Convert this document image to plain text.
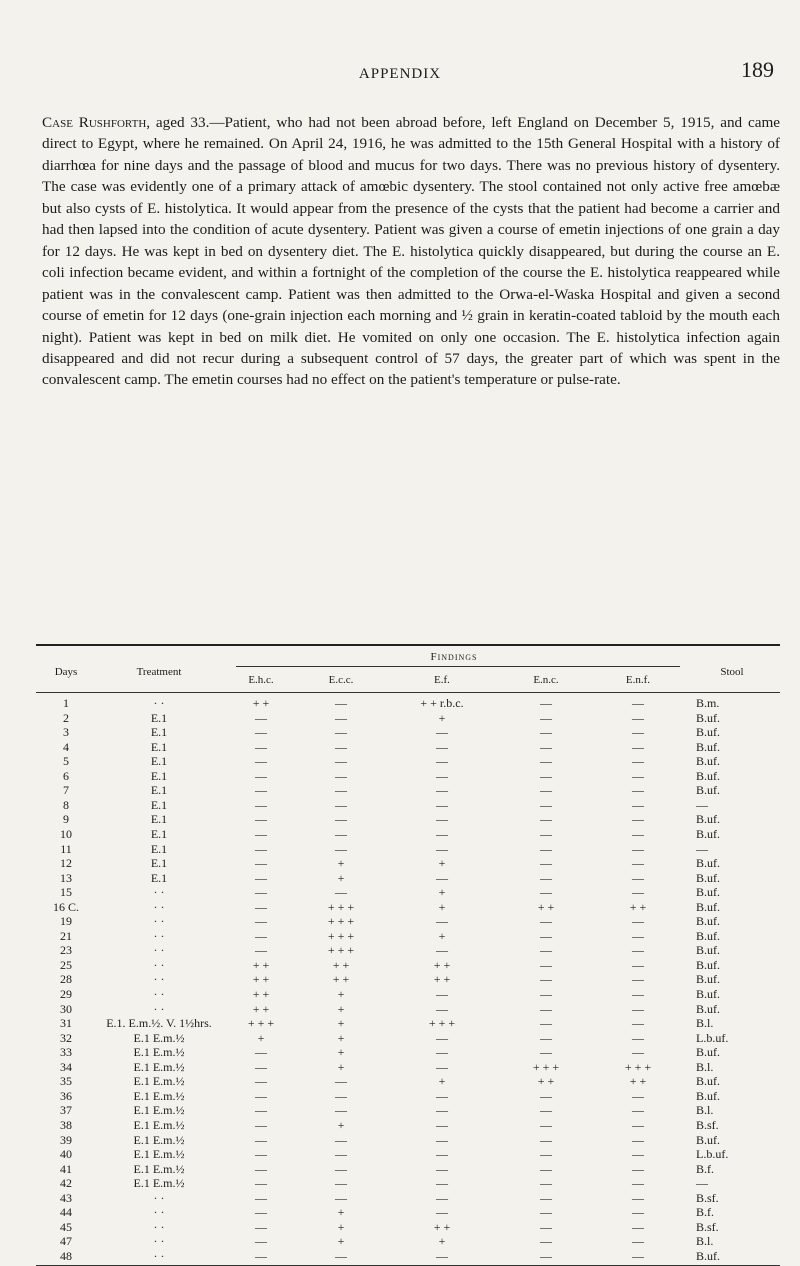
APPENDIX	189
Case Rushforth, aged 33.—Patient, who had not been abroad before, left England on December 5, 1915, and came direct to Egypt, where he remained. On April 24, 1916, he was admitted to the 15th General Hospital with a history of diarrhœa for nine days and the passage of blood and mucus for two days. There was no previous history of dysentery. The case was evidently one of a primary attack of amœbic dysentery. The stool contained not only active free amœbæ but also cysts of E. histolytica. It would appear from the presence of the cysts that the patient had become a carrier and had then lapsed into the condition of acute dysentery. Patient was given a course of emetin injections of one grain a day for 12 days. He was kept in bed on dysentery diet. The E. histolytica quickly disappeared, but during the course an E. coli infection became evident, and within a fortnight of the completion of the course the E. histolytica reappeared while patient was in the convalescent camp. Patient was then admitted to the Orwa-el-Waska Hospital and given a second course of emetin for 12 days (one-grain injection each morning and ½ grain in keratin-coated tabloid by the mouth each night). Patient was kept in bed on milk diet. He vomited on only one occasion. The E. histolytica infection again disappeared and did not recur during a subsequent control of 57 days, the greater part of which was spent in the convalescent camp. The emetin courses had no effect on the patient's temperature or pulse-rate.
Days	Treatment
Findings
E.h.c.	E.c.c.	E.f.	E.n.c.	E.n.f.
Stool
1	· ·	+ +	—	+ + r.b.c.	—	—	B.m.
2	E.1	—	—	+	—	—	B.uf.
3	E.1	—	—	—	—	—	B.uf.
4	E.1	—	—	—	—	—	B.uf.
5	E.1	—	—	—	—	—	B.uf.
6	E.1	—	—	—	—	—	B.uf.
7	E.1	—	—	—	—	—	B.uf.
8	E.1	—	—	—	—	—	—
9	E.1	—	—	—	—	—	B.uf.
10	E.1	—	—	—	—	—	B.uf.
11	E.1	—	—	—	—	—	—
12	E.1	—	+	+	—	—	B.uf.
13	E.1	—	+	—	—	—	B.uf.
15	· ·	—	—	+	—	—	B.uf.
16 C.	· ·	—	+ + +	+	+ +	+ +	B.uf.
19	· ·	—	+ + +	—	—	—	B.uf.
21	· ·	—	+ + +	+	—	—	B.uf.
23	· ·	—	+ + +	—	—	—	B.uf.
25	· ·	+ +	+ +	+ +	—	—	B.uf.
28	· ·	+ +	+ +	+ +	—	—	B.uf.
29	· ·	+ +	+	—	—	—	B.uf.
30	· ·	+ +	+	—	—	—	B.uf.
31	E.1. E.m.½. V. 1½hrs.	+ + +	+	+ + +	—	—	B.l.
32	E.1 E.m.½	+	+	—	—	—	L.b.uf.
33	E.1 E.m.½	—	+	—	—	—	B.uf.
34	E.1 E.m.½	—	+	—	+ + +	+ + +	B.l.
35	E.1 E.m.½	—	—	+	+ +	+ +	B.uf.
36	E.1 E.m.½	—	—	—	—	—	B.uf.
37	E.1 E.m.½	—	—	—	—	—	B.l.
38	E.1 E.m.½	—	+	—	—	—	B.sf.
39	E.1 E.m.½	—	—	—	—	—	B.uf.
40	E.1 E.m.½	—	—	—	—	—	L.b.uf.
41	E.1 E.m.½	—	—	—	—	—	B.f.
42	E.1 E.m.½	—	—	—	—	—	—
43	· ·	—	—	—	—	—	B.sf.
44	· ·	—	+	—	—	—	B.f.
45	· ·	—	+	+ +	—	—	B.sf.
47	· ·	—	+	+	—	—	B.l.
48	· ·	—	—	—	—	—	B.uf.
